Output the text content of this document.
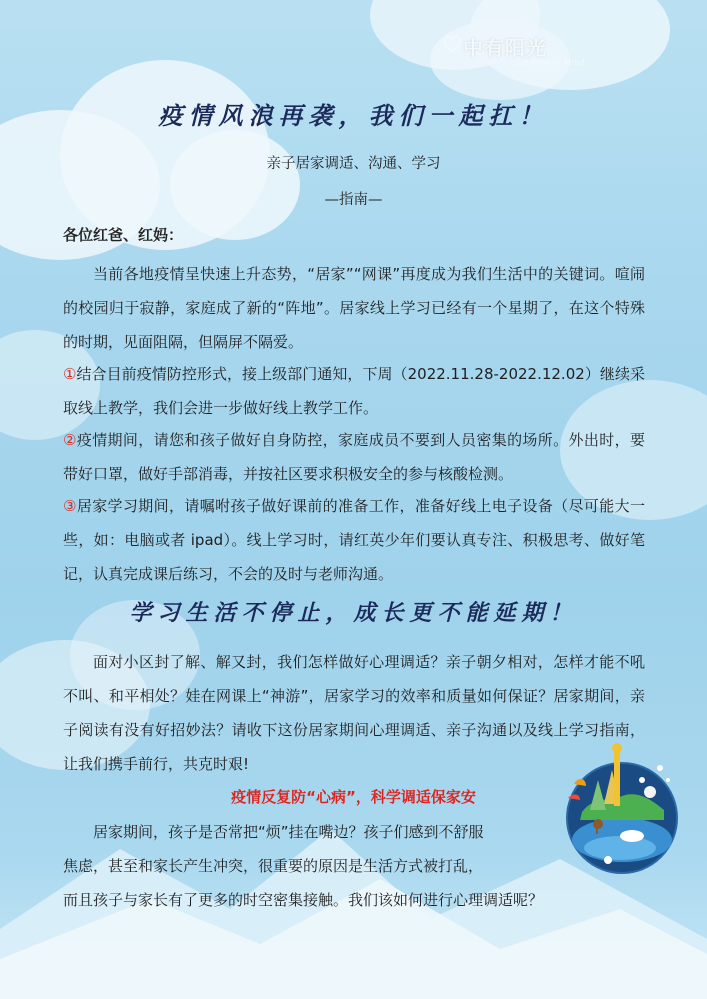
中有阳光
Sunshine in Mind
疫情风浪再袭，我们一起扛！
亲子居家调适、沟通、学习
—指南—
各位红爸、红妈：

当前各地疫情呈快速上升态势，“居家”“网课”再度成为我们生活中的关键词。喧闹的校园归于寂静，家庭成了新的“阵地”。居家线上学习已经有一个星期了，在这个特殊的时期，见面阻隔，但隔屏不隔爱。

①结合目前疫情防控形式，接上级部门通知，下周（2022.11.28-2022.12.02）继续采取线上教学，我们会进一步做好线上教学工作。

②疫情期间，请您和孩子做好自身防控，家庭成员不要到人员密集的场所。外出时，要带好口罩，做好手部消毒，并按社区要求积极安全的参与核酸检测。

③居家学习期间，请嘱咐孩子做好课前的准备工作，准备好线上电子设备（尽可能大一些，如：电脑或者 ipad）。线上学习时，请红英少年们要认真专注、积极思考、做好笔记，认真完成课后练习，不会的及时与老师沟通。

学习生活不停止，成长更不能延期！

面对小区封了解、解又封，我们怎样做好心理调适？亲子朝夕相对，怎样才能不吼不叫、和平相处？娃在网课上“神游”，居家学习的效率和质量如何保证？居家期间，亲子阅读有没有好招妙法？请收下这份居家期间心理调适、亲子沟通以及线上学习指南，让我们携手前行，共克时艰!

疫情反复防“心病”，科学调适保家安
居家期间，孩子是否常把“烦”挂在嘴边？孩子们感到不舒服
焦虑，甚至和家长产生冲突，很重要的原因是生活方式被打乱，
而且孩子与家长有了更多的时空密集接触。我们该如何进行心理调适呢？
